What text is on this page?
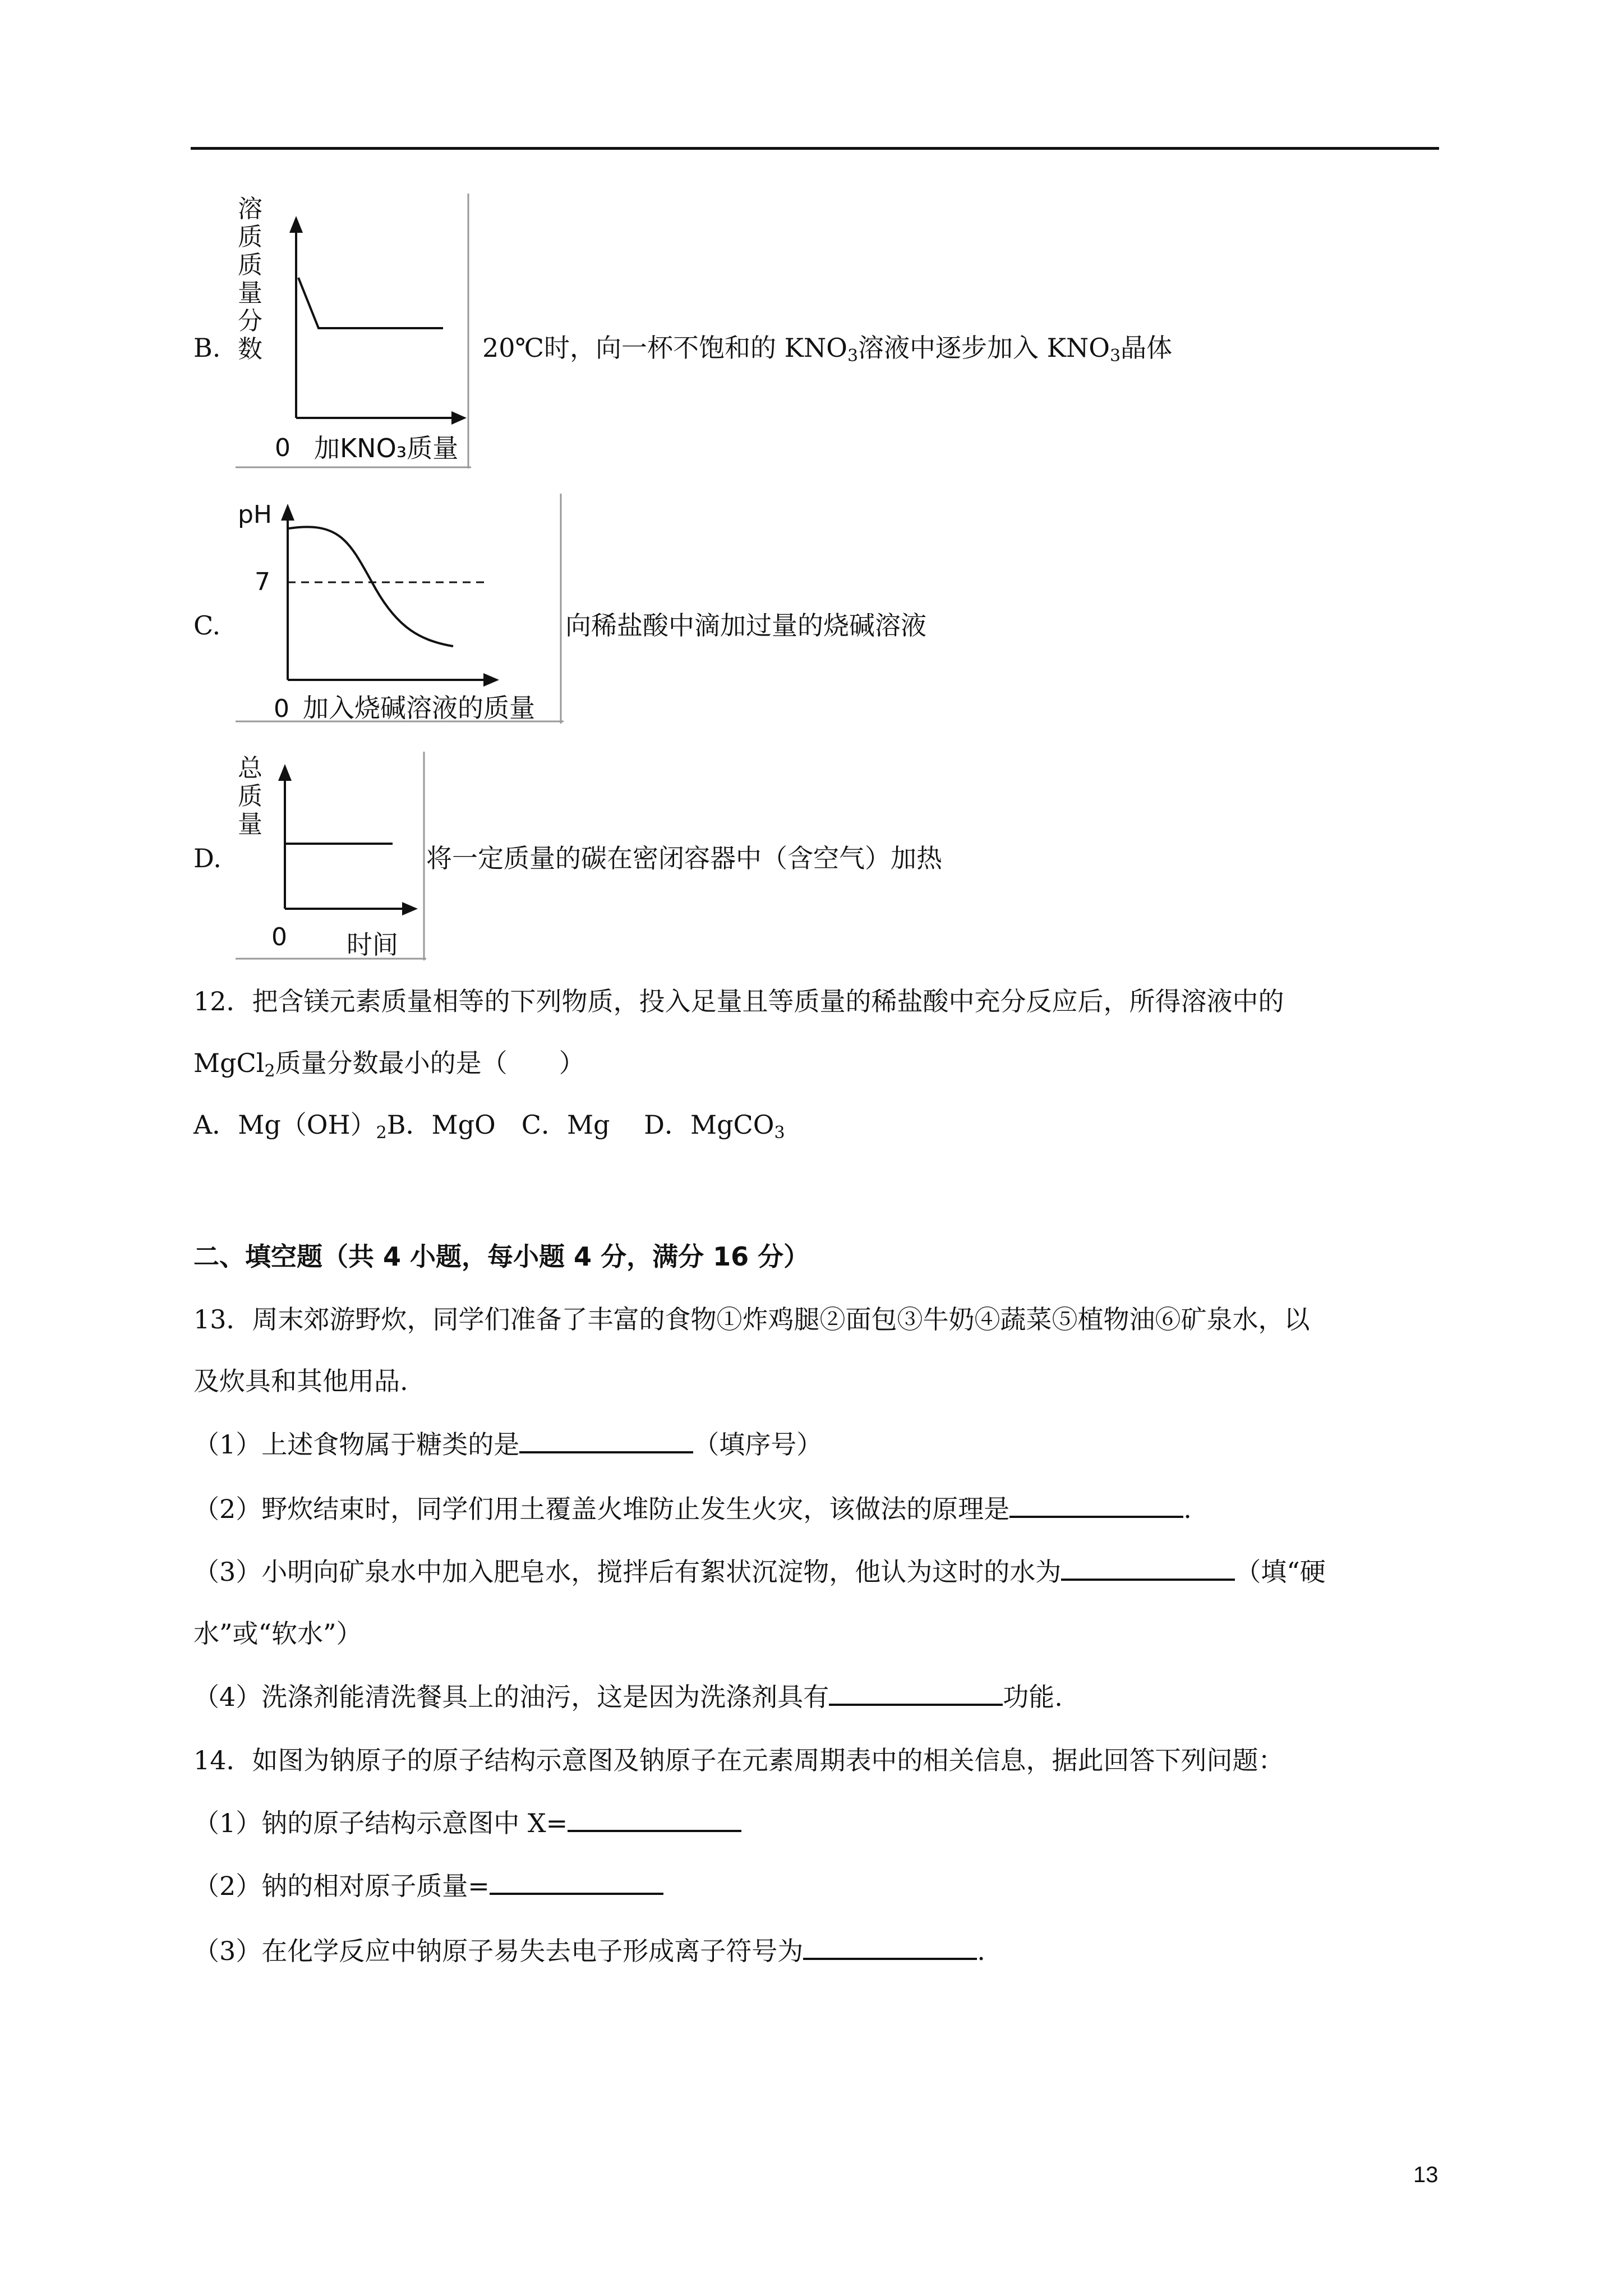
B.
溶
质
质
量
分
数
0 加KNO₃质量
20℃时，向一杯不饱和的 $KNO_3$溶液中逐步加入 $KNO_3$晶体
C.
pH
7
0 加入烧碱溶液的质量
向稀盐酸中滴加过量的烧碱溶液
D.
总
质
量
0 时间
将一定质量的碳在密闭容器中（含空气）加热
12．把含镁元素质量相等的下列物质，投入足量且等质量的稀盐酸中充分反应后，所得溶液中的
MgCl$_2$质量分数最小的是（　　）
A．$Mg(OH)_2B$．MgO　C．Mg　 D．MgCO$_3$
二、填空题（共 4 小题，每小题 4 分，满分 16 分）
13．周末郊游野炊，同学们准备了丰富的食物①炸鸡腿②面包③牛奶④蔬菜⑤植物油⑥矿泉水，以
及炊具和其他用品.
（1）上述食物属于糖类的是	（填序号）
（2）野炊结束时，同学们用土覆盖火堆防止发生火灾，该做法的原理是	.
（3）小明向矿泉水中加入肥皂水，搅拌后有絮状沉淀物，他认为这时的水为	（填“硬
水”或“软水”）
（4）洗涤剂能清洗餐具上的油污，这是因为洗涤剂具有	功能.
14．如图为钠原子的原子结构示意图及钠原子在元素周期表中的相关信息，据此回答下列问题：
（1）钠的原子结构示意图中 X=
（2）钠的相对原子质量=
（3）在化学反应中钠原子易失去电子形成离子符号为	.
13
